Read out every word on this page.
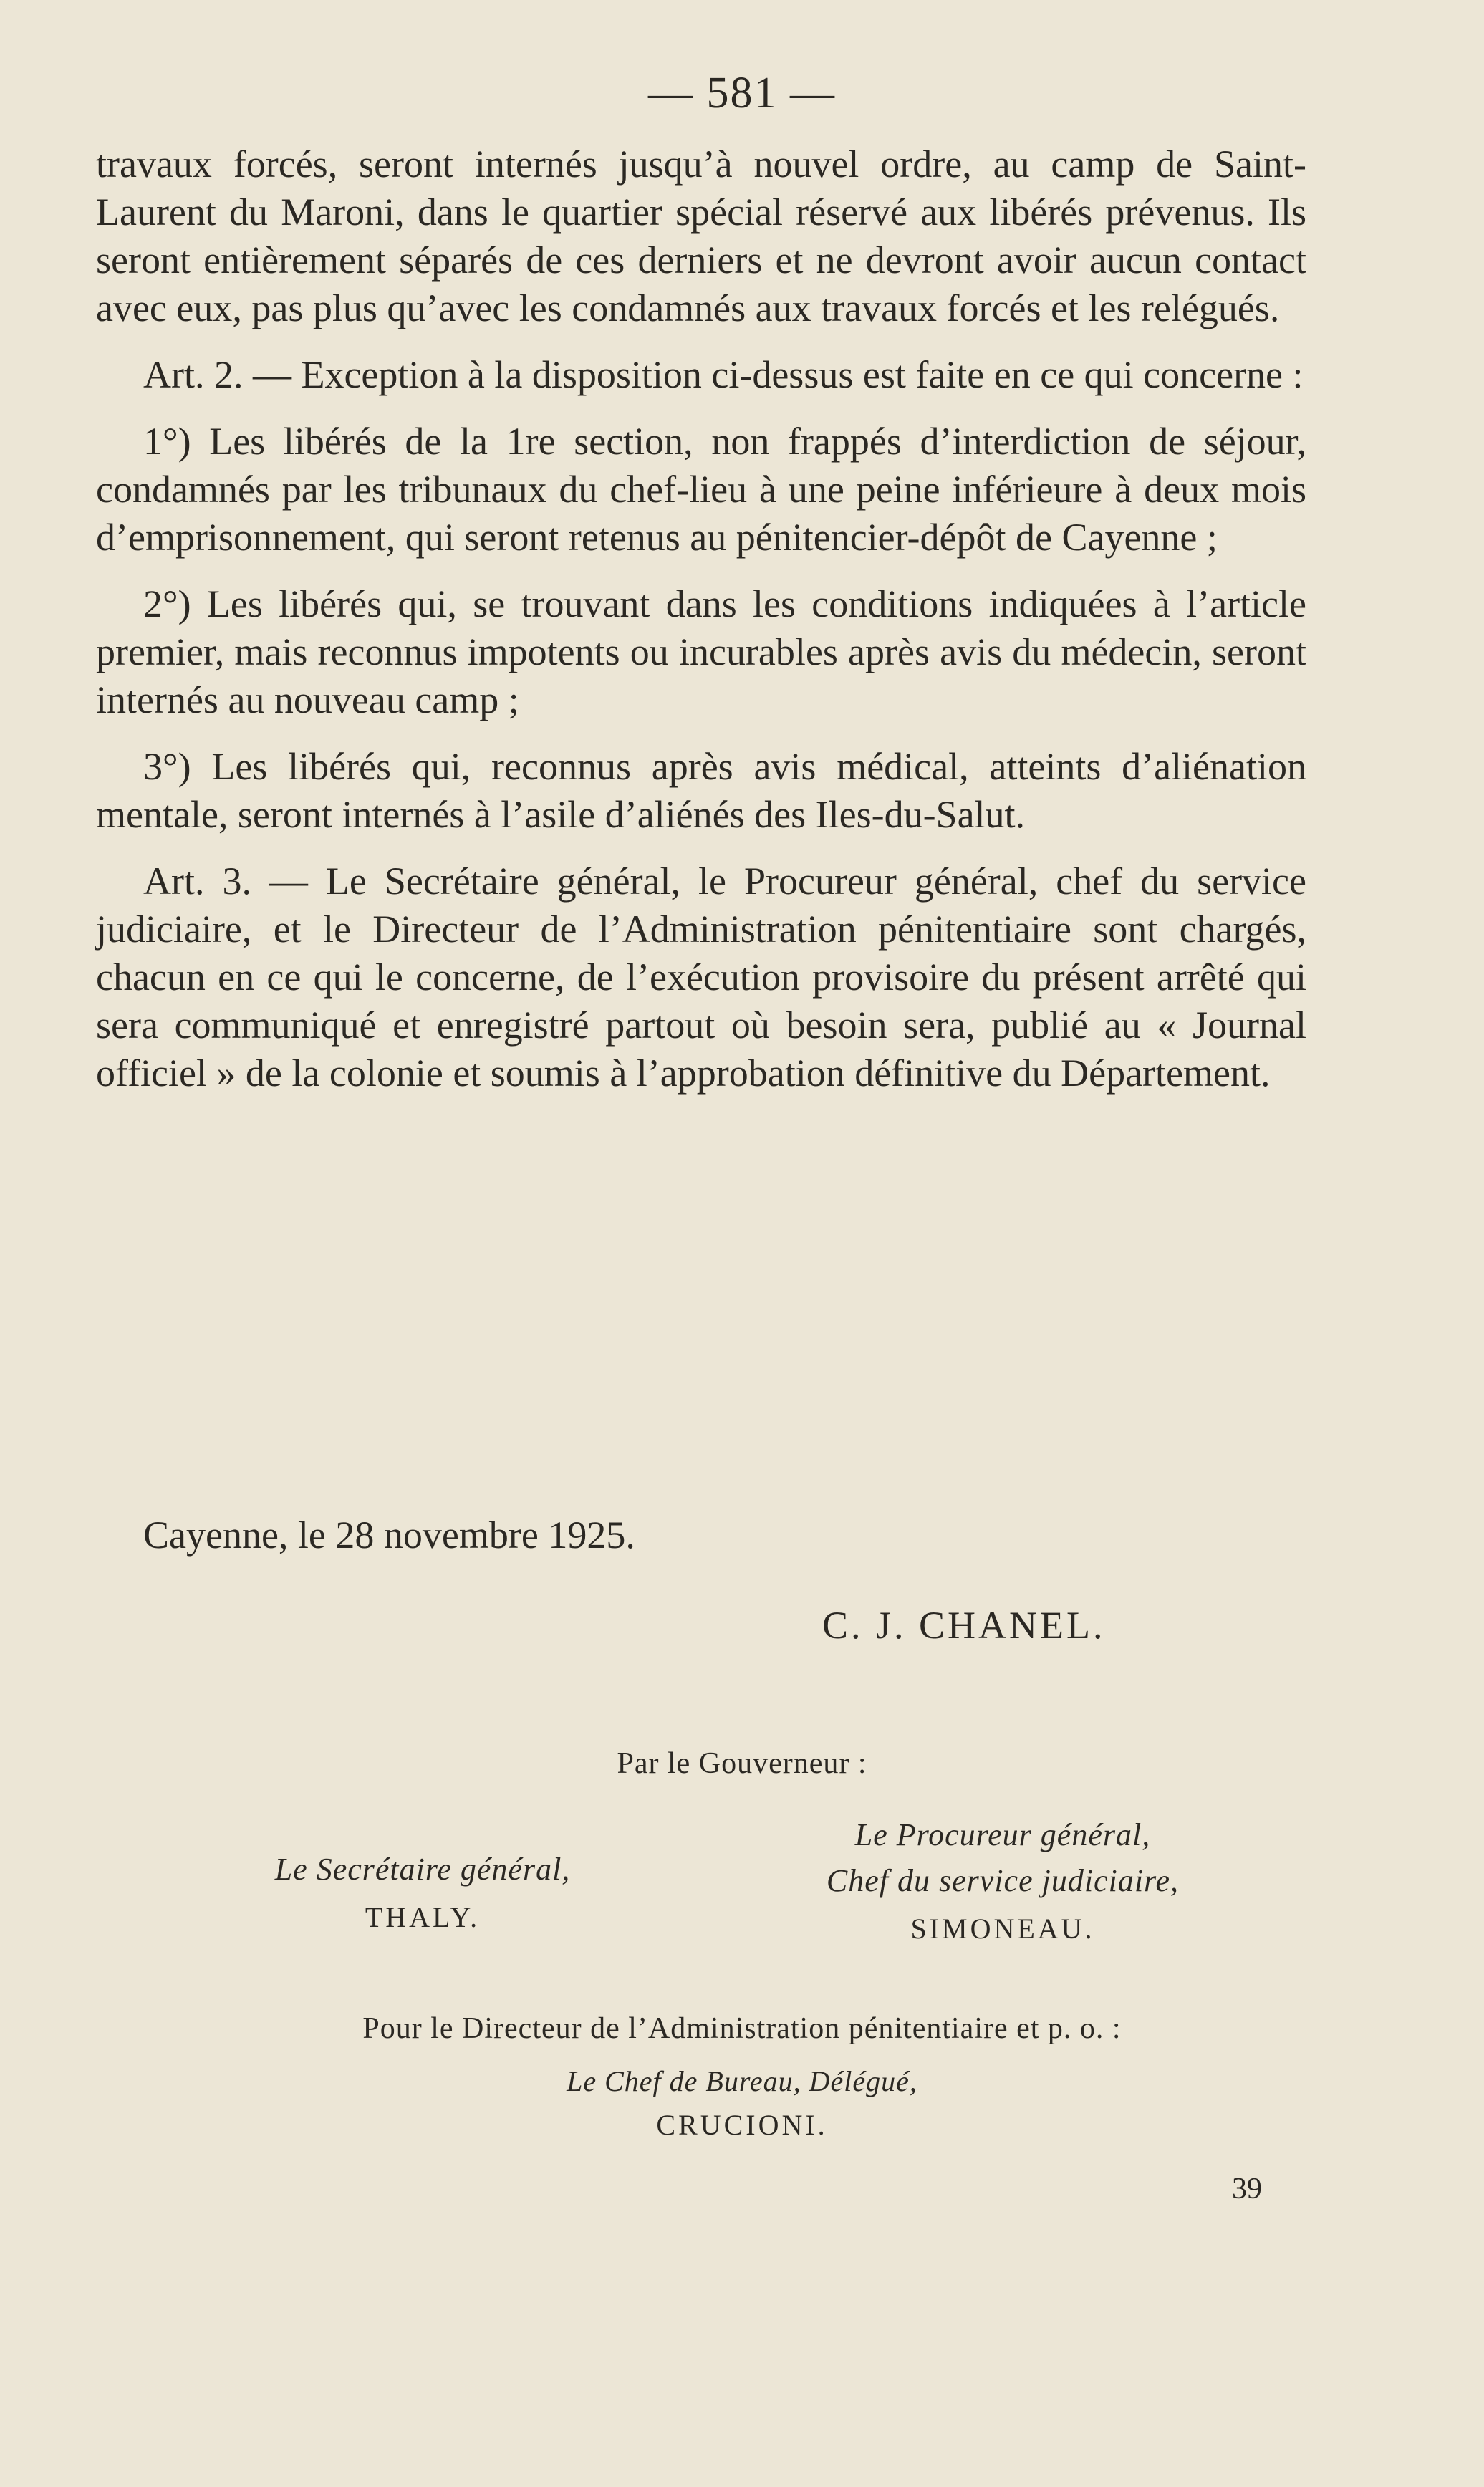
— 581 —

travaux forcés, seront internés jusqu’à nouvel ordre, au camp de Saint-Laurent du Maroni, dans le quartier spécial réservé aux libérés prévenus. Ils seront entièrement séparés de ces derniers et ne devront avoir aucun contact avec eux, pas plus qu’avec les condamnés aux travaux forcés et les relégués.

Art. 2. — Exception à la disposition ci-dessus est faite en ce qui concerne :

1°) Les libérés de la 1re section, non frappés d’interdiction de séjour, condamnés par les tribunaux du chef-lieu à une peine inférieure à deux mois d’emprisonnement, qui seront retenus au pénitencier-dépôt de Cayenne ;

2°) Les libérés qui, se trouvant dans les conditions indiquées à l’article premier, mais reconnus impotents ou incurables après avis du médecin, seront internés au nouveau camp ;

3°) Les libérés qui, reconnus après avis médical, atteints d’aliénation mentale, seront internés à l’asile d’aliénés des Iles-du-Salut.

Art. 3. — Le Secrétaire général, le Procureur général, chef du service judiciaire, et le Directeur de l’Administration pénitentiaire sont chargés, chacun en ce qui le concerne, de l’exécution provisoire du présent arrêté qui sera communiqué et enregistré partout où besoin sera, publié au « Journal officiel » de la colonie et soumis à l’approbation définitive du Département.

Cayenne, le 28 novembre 1925.
C. J. CHANEL.
Par le Gouverneur :
Le Secrétaire général,
THALY.
Le Procureur général,
Chef du service judiciaire,
SIMONEAU.
Pour le Directeur de l’Administration pénitentiaire et p. o. :
Le Chef de Bureau, Délégué,
CRUCIONI.
39
